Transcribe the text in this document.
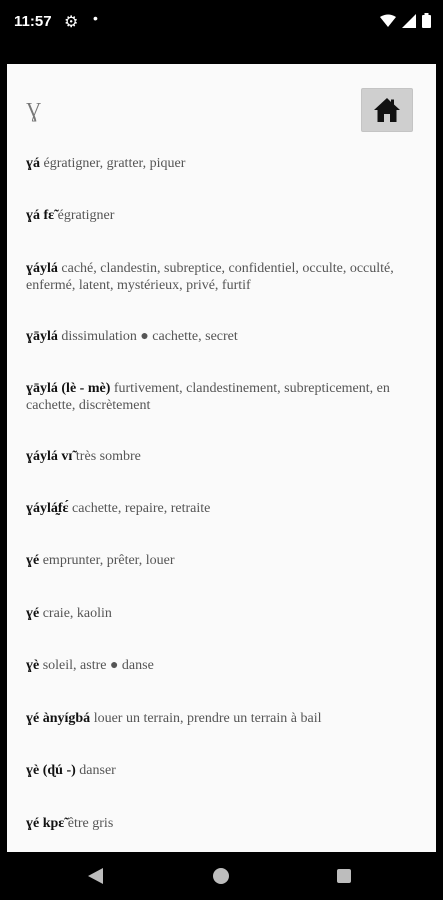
11:57 ⚙ •
Ɣ
ɣá égratigner, gratter, piquer
ɣá fɛ̃ égratigner
ɣáylá caché, clandestin, subreptice, confidentiel, occulte, occulté, enfermé, latent, mystérieux, privé, furtif
ɣāylá dissimulation ● cachette, secret
ɣāylá (lè - mè) furtivement, clandestinement, subrepticement, en cachette, discrètement
ɣáylá vɪ̃ très sombre
ɣáylá̰fɛ́ cachette, repaire, retraite
ɣé emprunter, prêter, louer
ɣé craie, kaolin
ɣè soleil, astre ● danse
ɣé ànyígbá louer un terrain, prendre un terrain à bail
ɣè (ɖú -) danser
ɣé kpɛ̃ être gris
